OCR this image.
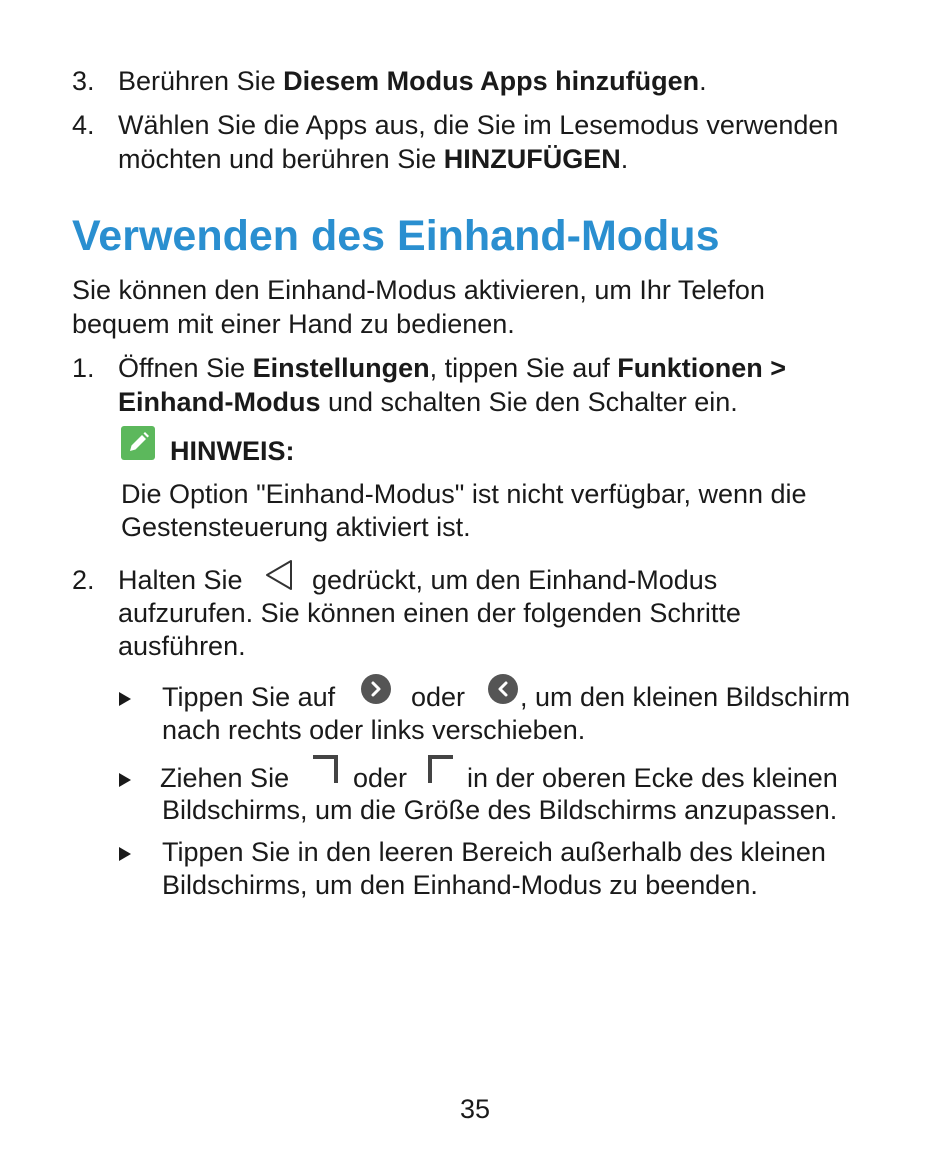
3. Berühren Sie Diesem Modus Apps hinzufügen.
4. Wählen Sie die Apps aus, die Sie im Lesemodus verwenden
möchten und berühren Sie HINZUFÜGEN.
Verwenden des Einhand-Modus
Sie können den Einhand-Modus aktivieren, um Ihr Telefon
bequem mit einer Hand zu bedienen.
1. Öffnen Sie Einstellungen, tippen Sie auf Funktionen >
Einhand-Modus und schalten Sie den Schalter ein.
HINWEIS:
Die Option "Einhand-Modus" ist nicht verfügbar, wenn die
Gestensteuerung aktiviert ist.
2. Halten Sie	gedrückt, um den Einhand-Modus
aufzurufen. Sie können einen der folgenden Schritte
ausführen.
Tippen Sie auf	oder , um den kleinen Bildschirm
nach rechts oder links verschieben.
Ziehen Sie oder in der oberen Ecke des kleinen
Bildschirms, um die Größe des Bildschirms anzupassen.
Tippen Sie in den leeren Bereich außerhalb des kleinen
Bildschirms, um den Einhand-Modus zu beenden.
35
